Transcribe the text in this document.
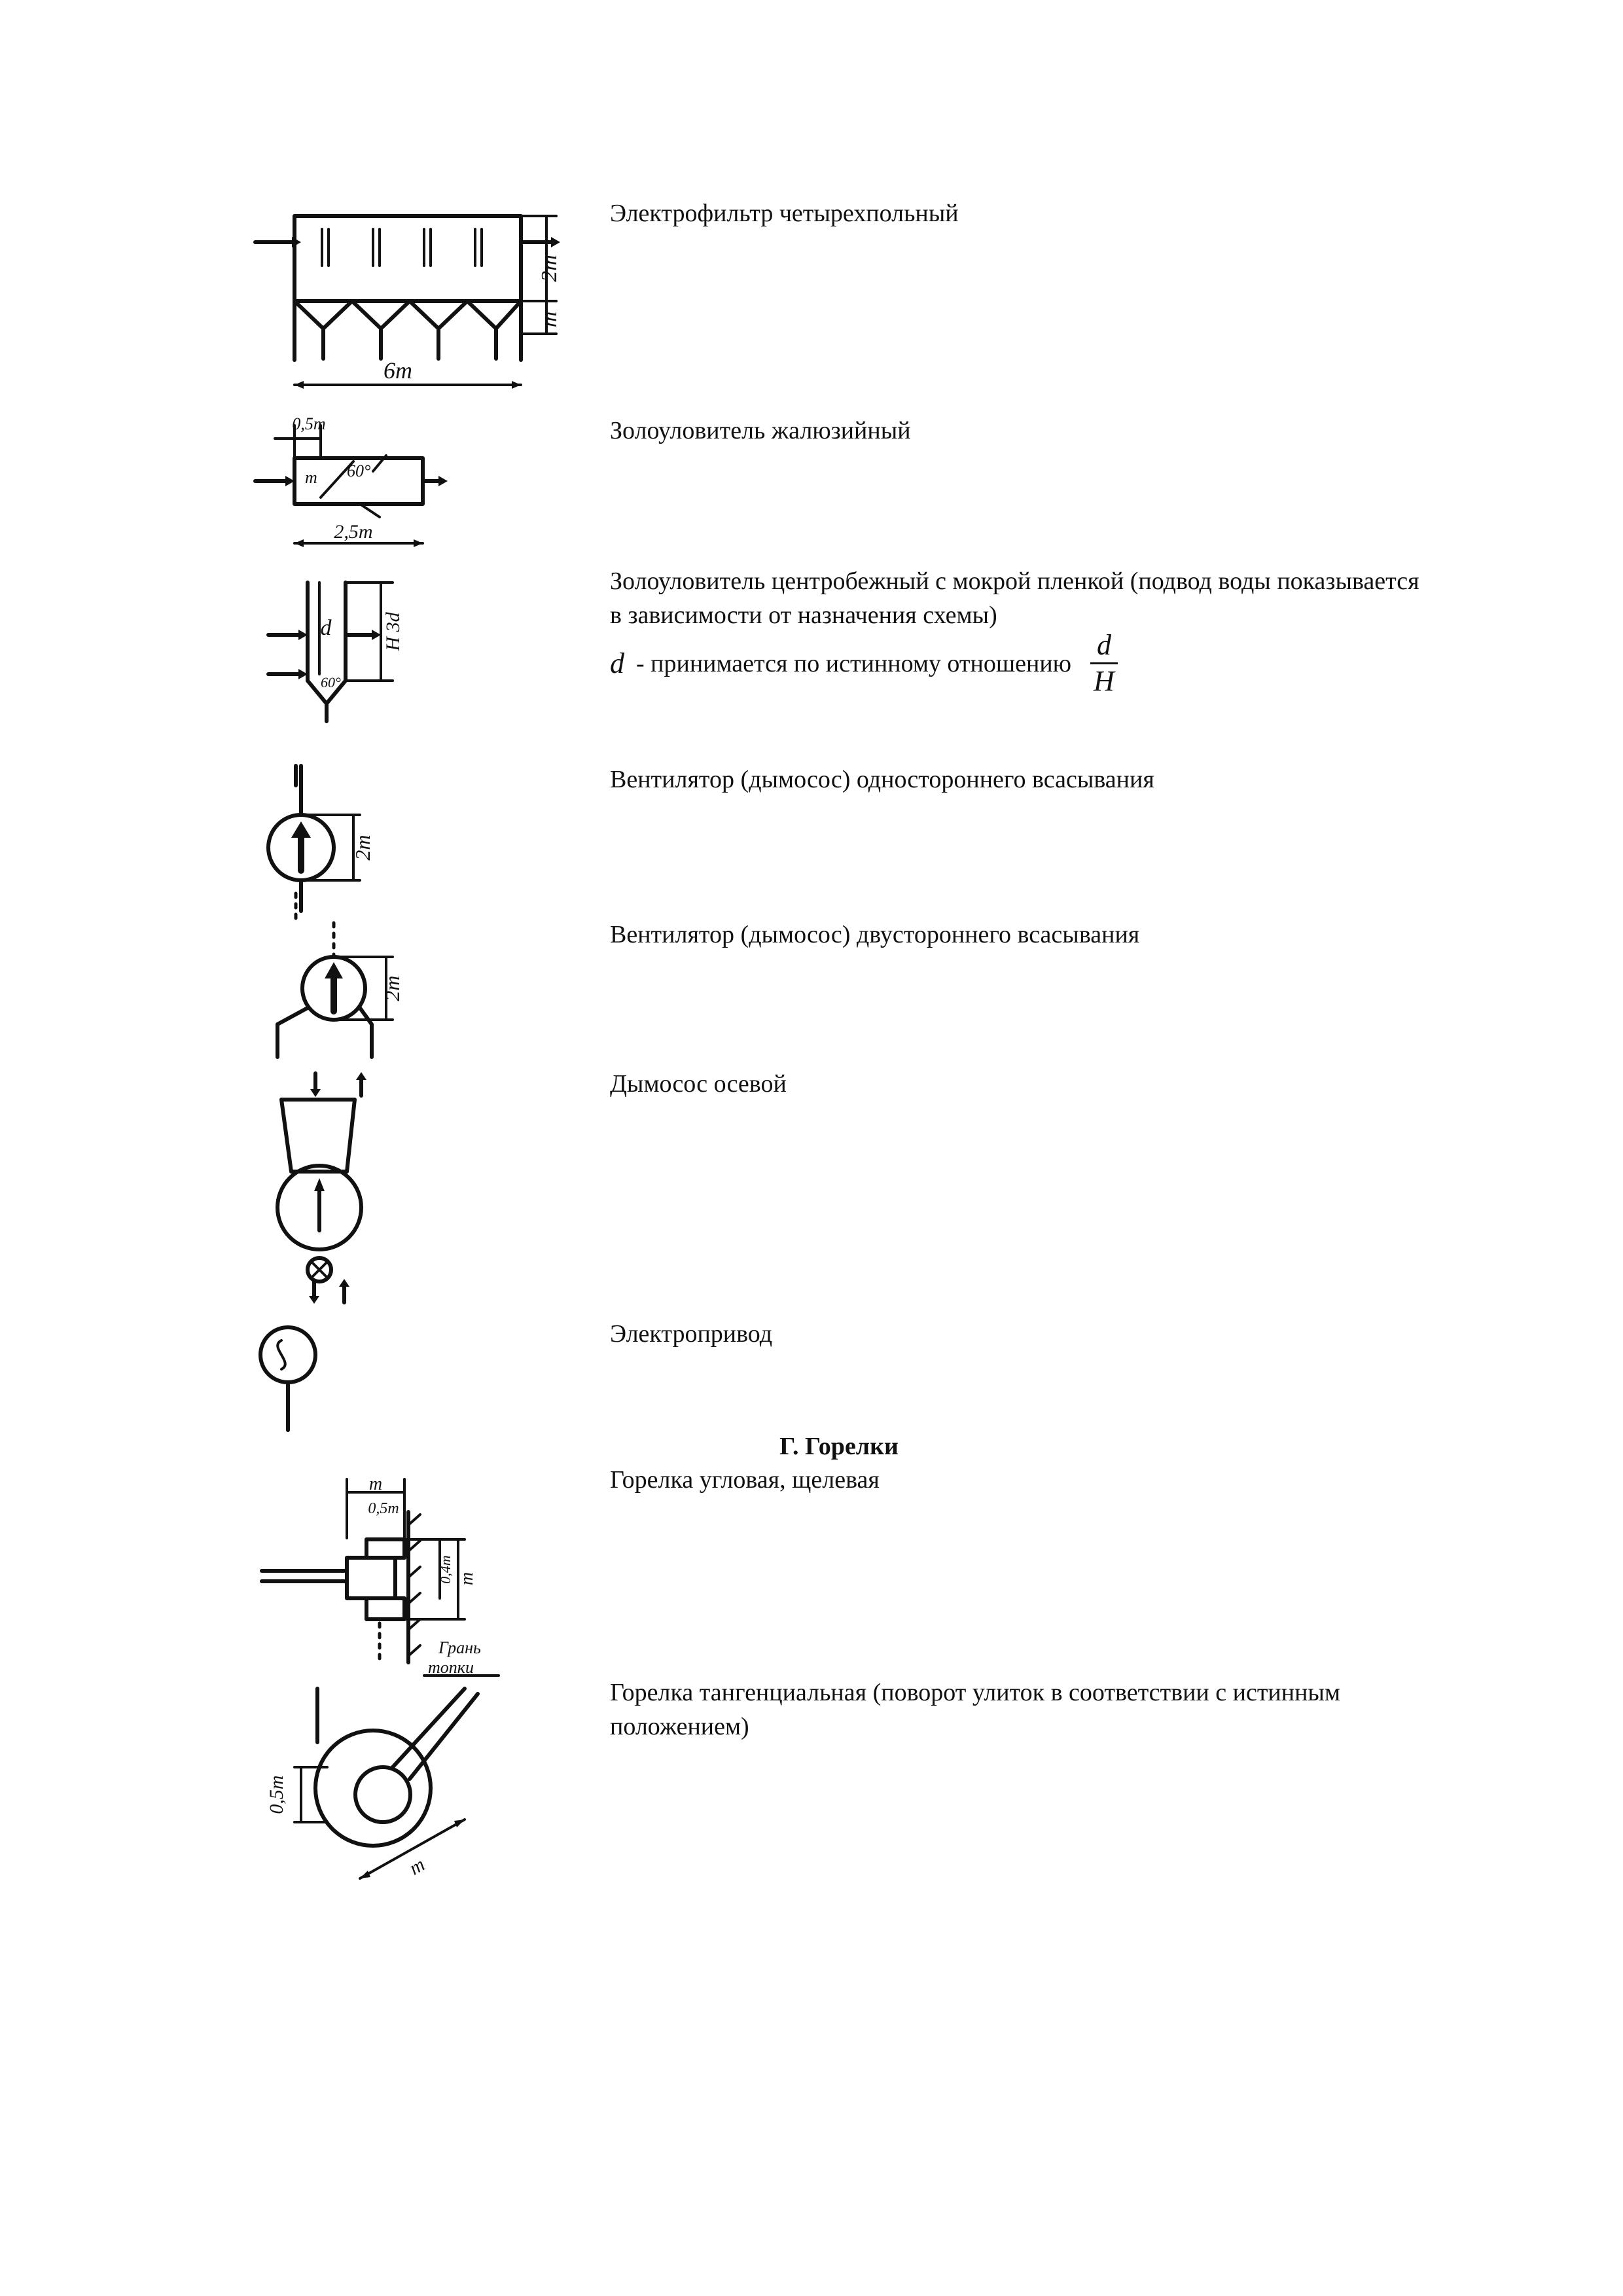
2m
m
6m

Электрофильтр четырехпольный

0,5m
m 60°
2,5m

Золоуловитель жалюзийный

d
60°
H 3d

Золоуловитель центробежный с мокрой пленкой (подвод воды показывается в зависимости от назначения схемы)

d - принимается по истинному отношению $\frac{d}{H}$
2m

Вентилятор (дымосос) одностороннего всасывания

2m

Вентилятор (дымосос) двустороннего всасывания

Дымосос осевой

Электропривод

Г. Горелки
m
0,5m
0,4m m
Грань
топки

Горелка угловая, щелевая

0,5m
m

Горелка тангенциальная (поворот улиток в соответствии с истинным положением)
